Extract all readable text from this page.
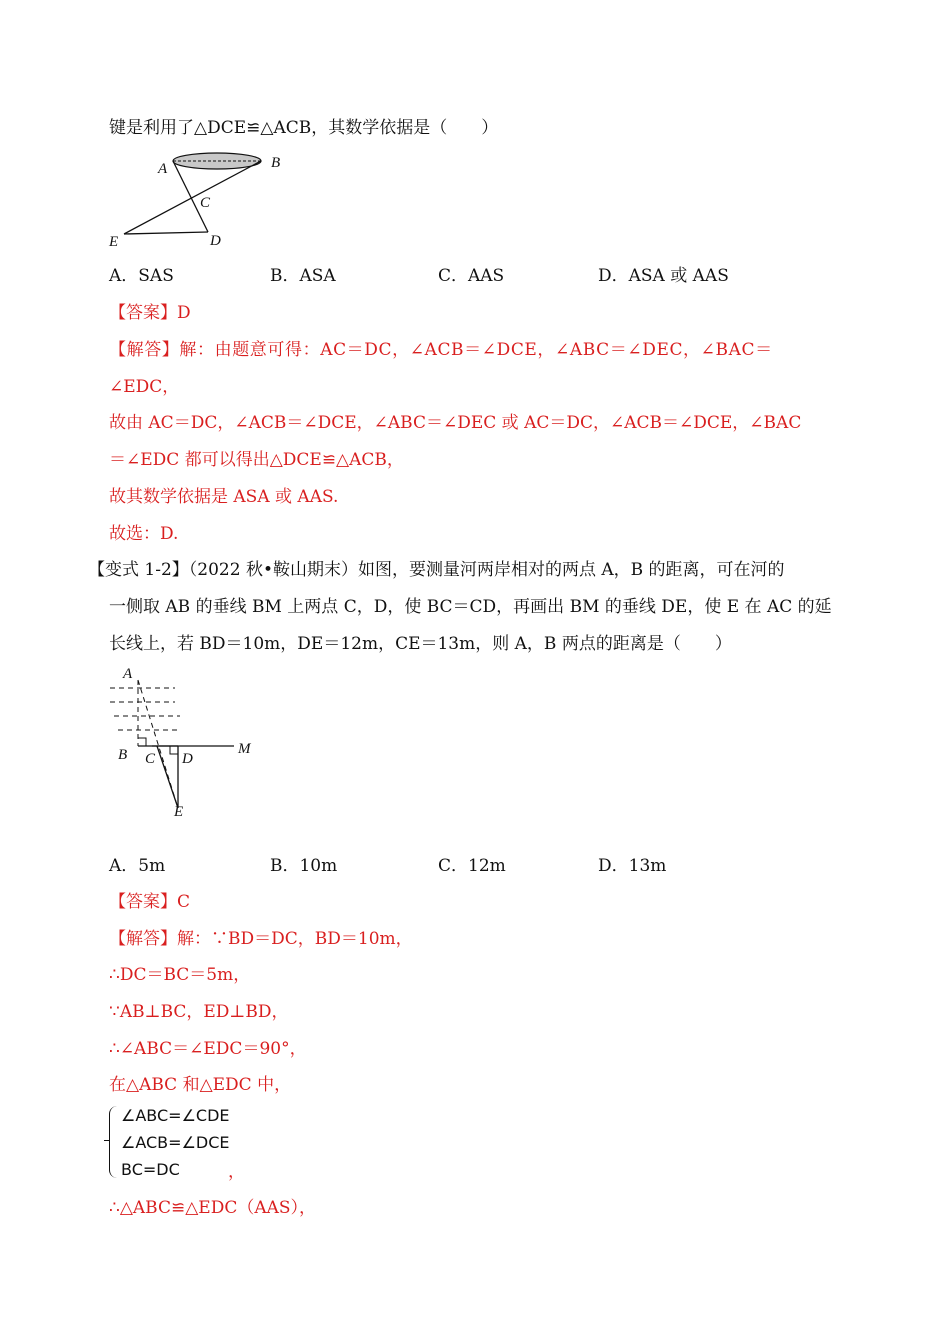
键是利用了△DCE≌△ACB，其数学依据是（　　）
A	B
C
D
E
A．SAS	B．ASA	C．AAS	D．ASA 或 AAS
【答案】D
【解答】解：由题意可得：AC＝DC，∠ACB＝∠DCE，∠ABC＝∠DEC，∠BAC＝
∠EDC，
故由 AC＝DC，∠ACB＝∠DCE，∠ABC＝∠DEC 或 AC＝DC，∠ACB＝∠DCE，∠BAC
＝∠EDC 都可以得出△DCE≌△ACB，
故其数学依据是 ASA 或 AAS.
故选：D.
【变式 1-2】（2022 秋•鞍山期末）如图，要测量河两岸相对的两点 A，B 的距离，可在河的
一侧取 AB 的垂线 BM 上两点 C，D，使 BC＝CD，再画出 BM 的垂线 DE，使 E 在 AC 的延
长线上，若 BD＝10m，DE＝12m，CE＝13m，则 A，B 两点的距离是（　　）
A
B C D
M
E
A．5m	B．10m	C．12m	D．13m
【答案】C
【解答】解：∵BD＝DC，BD＝10m，
∴DC＝BC＝5m，
∵AB⊥BC，ED⊥BD，
∴∠ABC＝∠EDC＝90°，
在△ABC 和△EDC 中，
∠ABC=∠CDE
∠ACB=∠DCE
BC=DC	，
∴△ABC≌△EDC（AAS），
